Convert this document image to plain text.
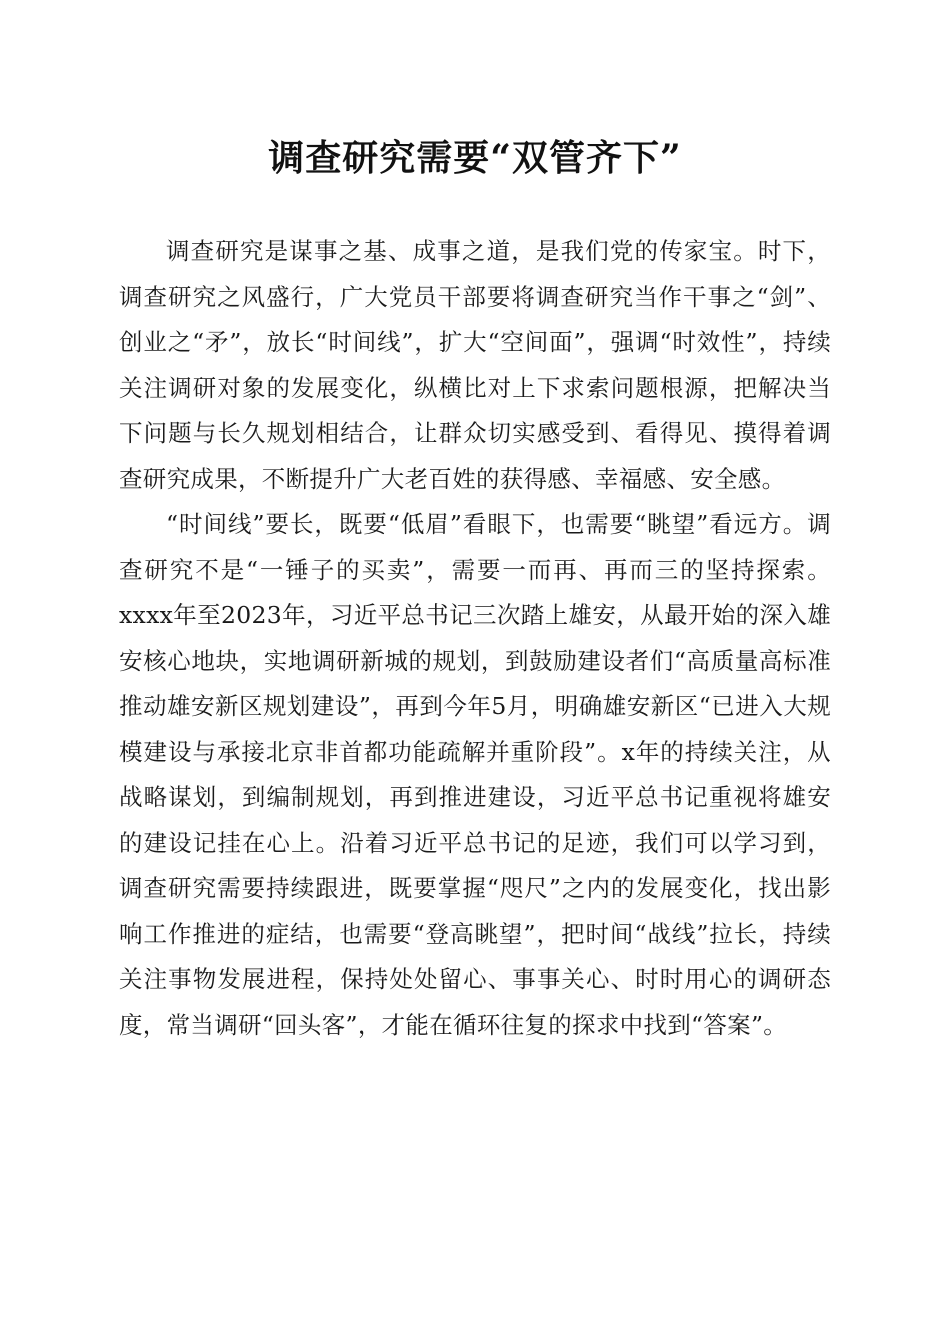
调查研究需要“双管齐下”

调查研究是谋事之基、成事之道，是我们党的传家宝。时下，调查研究之风盛行，广大党员干部要将调查研究当作干事之“剑”、创业之“矛”，放长“时间线”，扩大“空间面”，强调“时效性”，持续关注调研对象的发展变化，纵横比对上下求索问题根源，把解决当下问题与长久规划相结合，让群众切实感受到、看得见、摸得着调查研究成果，不断提升广大老百姓的获得感、幸福感、安全感。

“时间线”要长，既要“低眉”看眼下，也需要“眺望”看远方。调查研究不是“一锤子的买卖”，需要一而再、再而三的坚持探索。xxxx年至2023年，习近平总书记三次踏上雄安，从最开始的深入雄安核心地块，实地调研新城的规划，到鼓励建设者们“高质量高标准推动雄安新区规划建设”，再到今年5月，明确雄安新区“已进入大规模建设与承接北京非首都功能疏解并重阶段”。x年的持续关注，从战略谋划，到编制规划，再到推进建设，习近平总书记重视将雄安的建设记挂在心上。沿着习近平总书记的足迹，我们可以学习到，调查研究需要持续跟进，既要掌握“咫尺”之内的发展变化，找出影响工作推进的症结，也需要“登高眺望”，把时间“战线”拉长，持续关注事物发展进程，保持处处留心、事事关心、时时用心的调研态度，常当调研“回头客”，才能在循环往复的探求中找到“答案”。
